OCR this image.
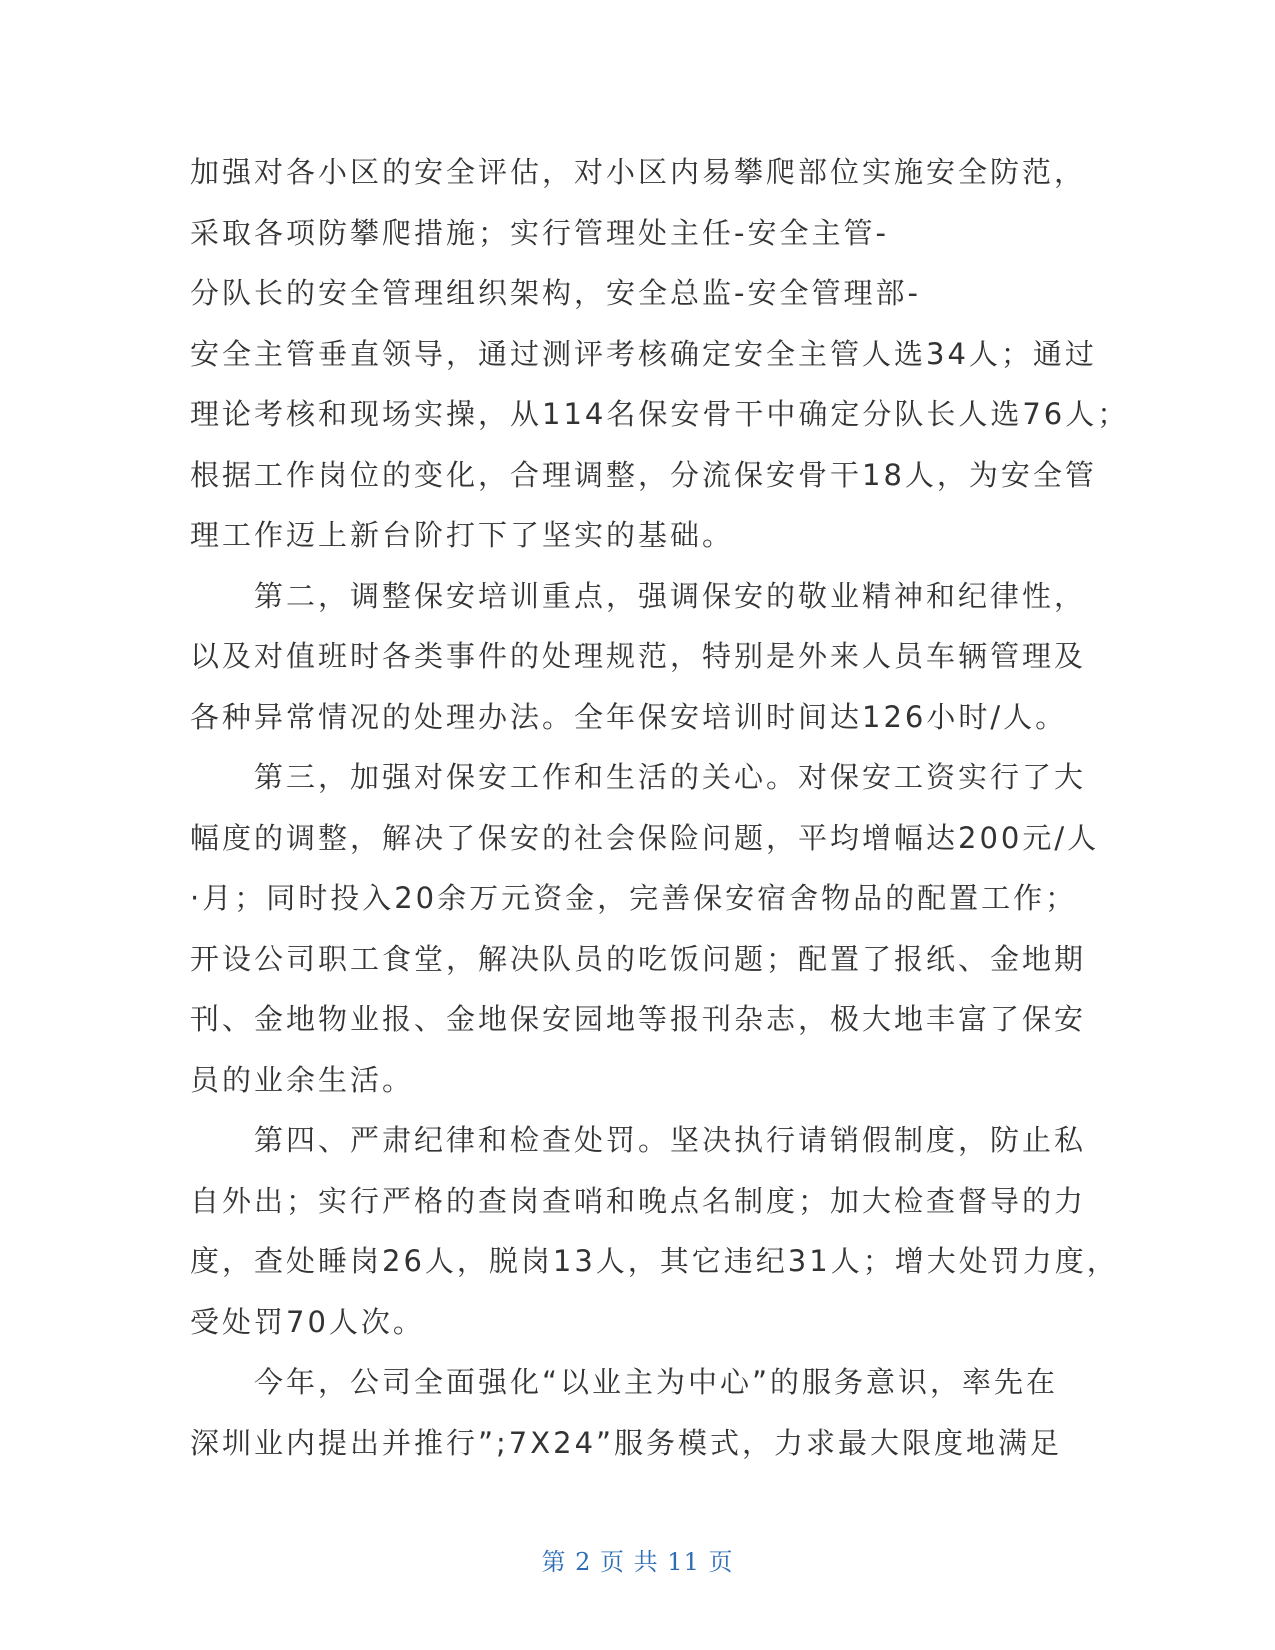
加强对各小区的安全评估，对小区内易攀爬部位实施安全防范，
采取各项防攀爬措施；实行管理处主任-安全主管-
分队长的安全管理组织架构，安全总监-安全管理部-
安全主管垂直领导，通过测评考核确定安全主管人选34人；通过
理论考核和现场实操，从114名保安骨干中确定分队长人选76人；
根据工作岗位的变化，合理调整，分流保安骨干18人，为安全管
理工作迈上新台阶打下了坚实的基础。
　　第二，调整保安培训重点，强调保安的敬业精神和纪律性，
以及对值班时各类事件的处理规范，特别是外来人员车辆管理及
各种异常情况的处理办法。全年保安培训时间达126小时/人。
　　第三，加强对保安工作和生活的关心。对保安工资实行了大
幅度的调整，解决了保安的社会保险问题，平均增幅达200元/人
·月；同时投入20余万元资金，完善保安宿舍物品的配置工作；
开设公司职工食堂，解决队员的吃饭问题；配置了报纸、金地期
刊、金地物业报、金地保安园地等报刊杂志，极大地丰富了保安
员的业余生活。
　　第四、严肃纪律和检查处罚。坚决执行请销假制度，防止私
自外出；实行严格的查岗查哨和晚点名制度；加大检查督导的力
度，查处睡岗26人，脱岗13人，其它违纪31人；增大处罚力度，
受处罚70人次。
　　今年，公司全面强化“以业主为中心”的服务意识，率先在
深圳业内提出并推行”;7X24”服务模式，力求最大限度地满足
第 2 页 共 11 页
